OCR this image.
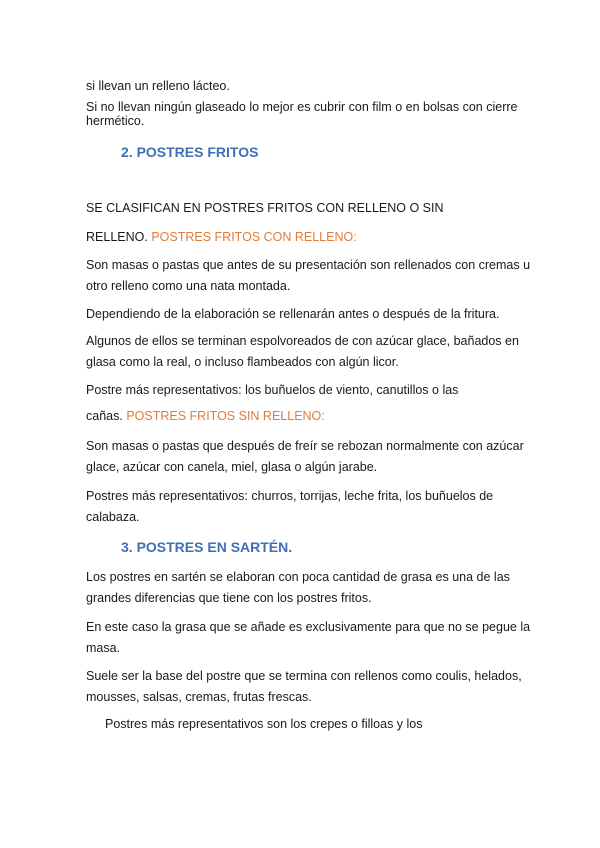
si llevan un relleno lácteo.
Si no llevan ningún glaseado lo mejor es cubrir con film o en bolsas con cierre
hermético.
2. POSTRES FRITOS
SE CLASIFICAN EN POSTRES FRITOS CON RELLENO O SIN
RELLENO. POSTRES FRITOS CON RELLENO:
Son masas o pastas que antes de su presentación son rellenados con cremas u
otro relleno como una nata montada.
Dependiendo de la elaboración se rellenarán antes o después de la fritura.
Algunos de ellos se terminan espolvoreados de con azúcar glace, bañados en
glasa como la real, o incluso flambeados con algún licor.
Postre más representativos: los buñuelos de viento, canutillos o las
cañas. POSTRES FRITOS SIN RELLENO:
Son masas o pastas que después de freír se rebozan normalmente con azúcar
glace, azúcar con canela, miel, glasa o algún jarabe.
Postres más representativos: churros, torrijas, leche frita, los buñuelos de
calabaza.
3. POSTRES EN SARTÉN.
Los postres en sartén se elaboran con poca cantidad de grasa es una de las
grandes diferencias que tiene con los postres fritos.
En este caso la grasa que se añade es exclusivamente para que no se pegue la
masa.
Suele ser la base del postre que se termina con rellenos como coulis, helados,
mousses, salsas, cremas, frutas frescas.
Postres más representativos son los crepes o filloas y los
